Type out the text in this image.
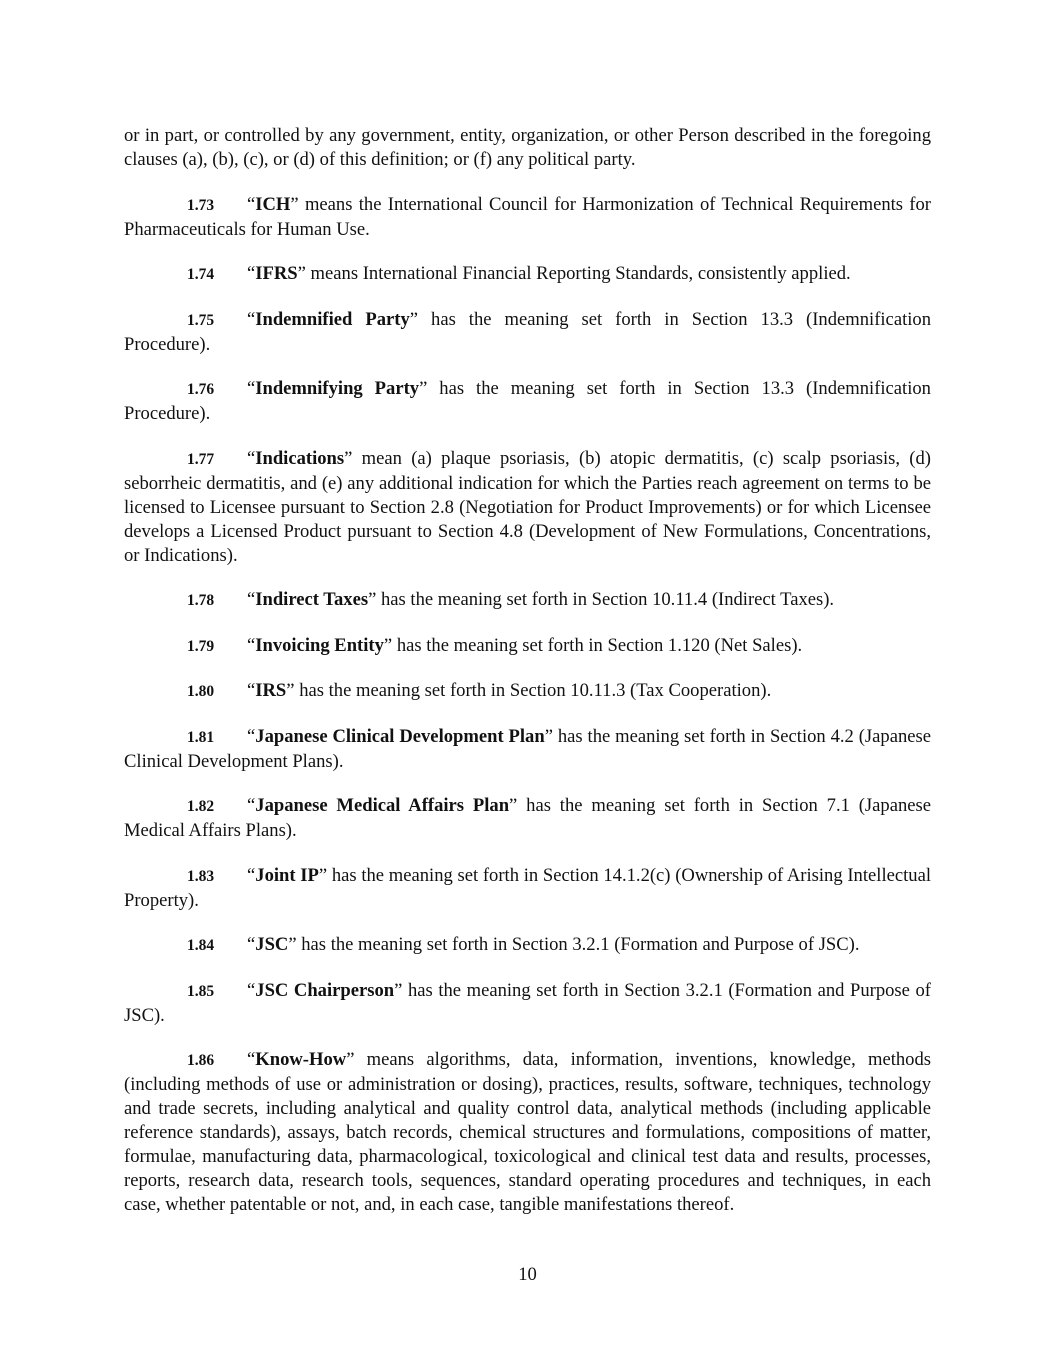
or in part, or controlled by any government, entity, organization, or other Person described in the foregoing clauses (a), (b), (c), or (d) of this definition; or (f) any political party.

1.73 “ICH” means the International Council for Harmonization of Technical Requirements for Pharmaceuticals for Human Use.

1.74 “IFRS” means International Financial Reporting Standards, consistently applied.

1.75 “Indemnified Party” has the meaning set forth in Section 13.3 (Indemnification Procedure).

1.76 “Indemnifying Party” has the meaning set forth in Section 13.3 (Indemnification Procedure).

1.77 “Indications” mean (a) plaque psoriasis, (b) atopic dermatitis, (c) scalp psoriasis, (d) seborrheic dermatitis, and (e) any additional indication for which the Parties reach agreement on terms to be licensed to Licensee pursuant to Section 2.8 (Negotiation for Product Improvements) or for which Licensee develops a Licensed Product pursuant to Section 4.8 (Development of New Formulations, Concentrations, or Indications).

1.78 “Indirect Taxes” has the meaning set forth in Section 10.11.4 (Indirect Taxes).

1.79 “Invoicing Entity” has the meaning set forth in Section 1.120 (Net Sales).

1.80 “IRS” has the meaning set forth in Section 10.11.3 (Tax Cooperation).

1.81 “Japanese Clinical Development Plan” has the meaning set forth in Section 4.2 (Japanese Clinical Development Plans).

1.82 “Japanese Medical Affairs Plan” has the meaning set forth in Section 7.1 (Japanese Medical Affairs Plans).

1.83 “Joint IP” has the meaning set forth in Section 14.1.2(c) (Ownership of Arising Intellectual Property).

1.84 “JSC” has the meaning set forth in Section 3.2.1 (Formation and Purpose of JSC).

1.85 “JSC Chairperson” has the meaning set forth in Section 3.2.1 (Formation and Purpose of JSC).

1.86 “Know-How” means algorithms, data, information, inventions, knowledge, methods (including methods of use or administration or dosing), practices, results, software, techniques, technology and trade secrets, including analytical and quality control data, analytical methods (including applicable reference standards), assays, batch records, chemical structures and formulations, compositions of matter, formulae, manufacturing data, pharmacological, toxicological and clinical test data and results, processes, reports, research data, research tools, sequences, standard operating procedures and techniques, in each case, whether patentable or not, and, in each case, tangible manifestations thereof.

10
